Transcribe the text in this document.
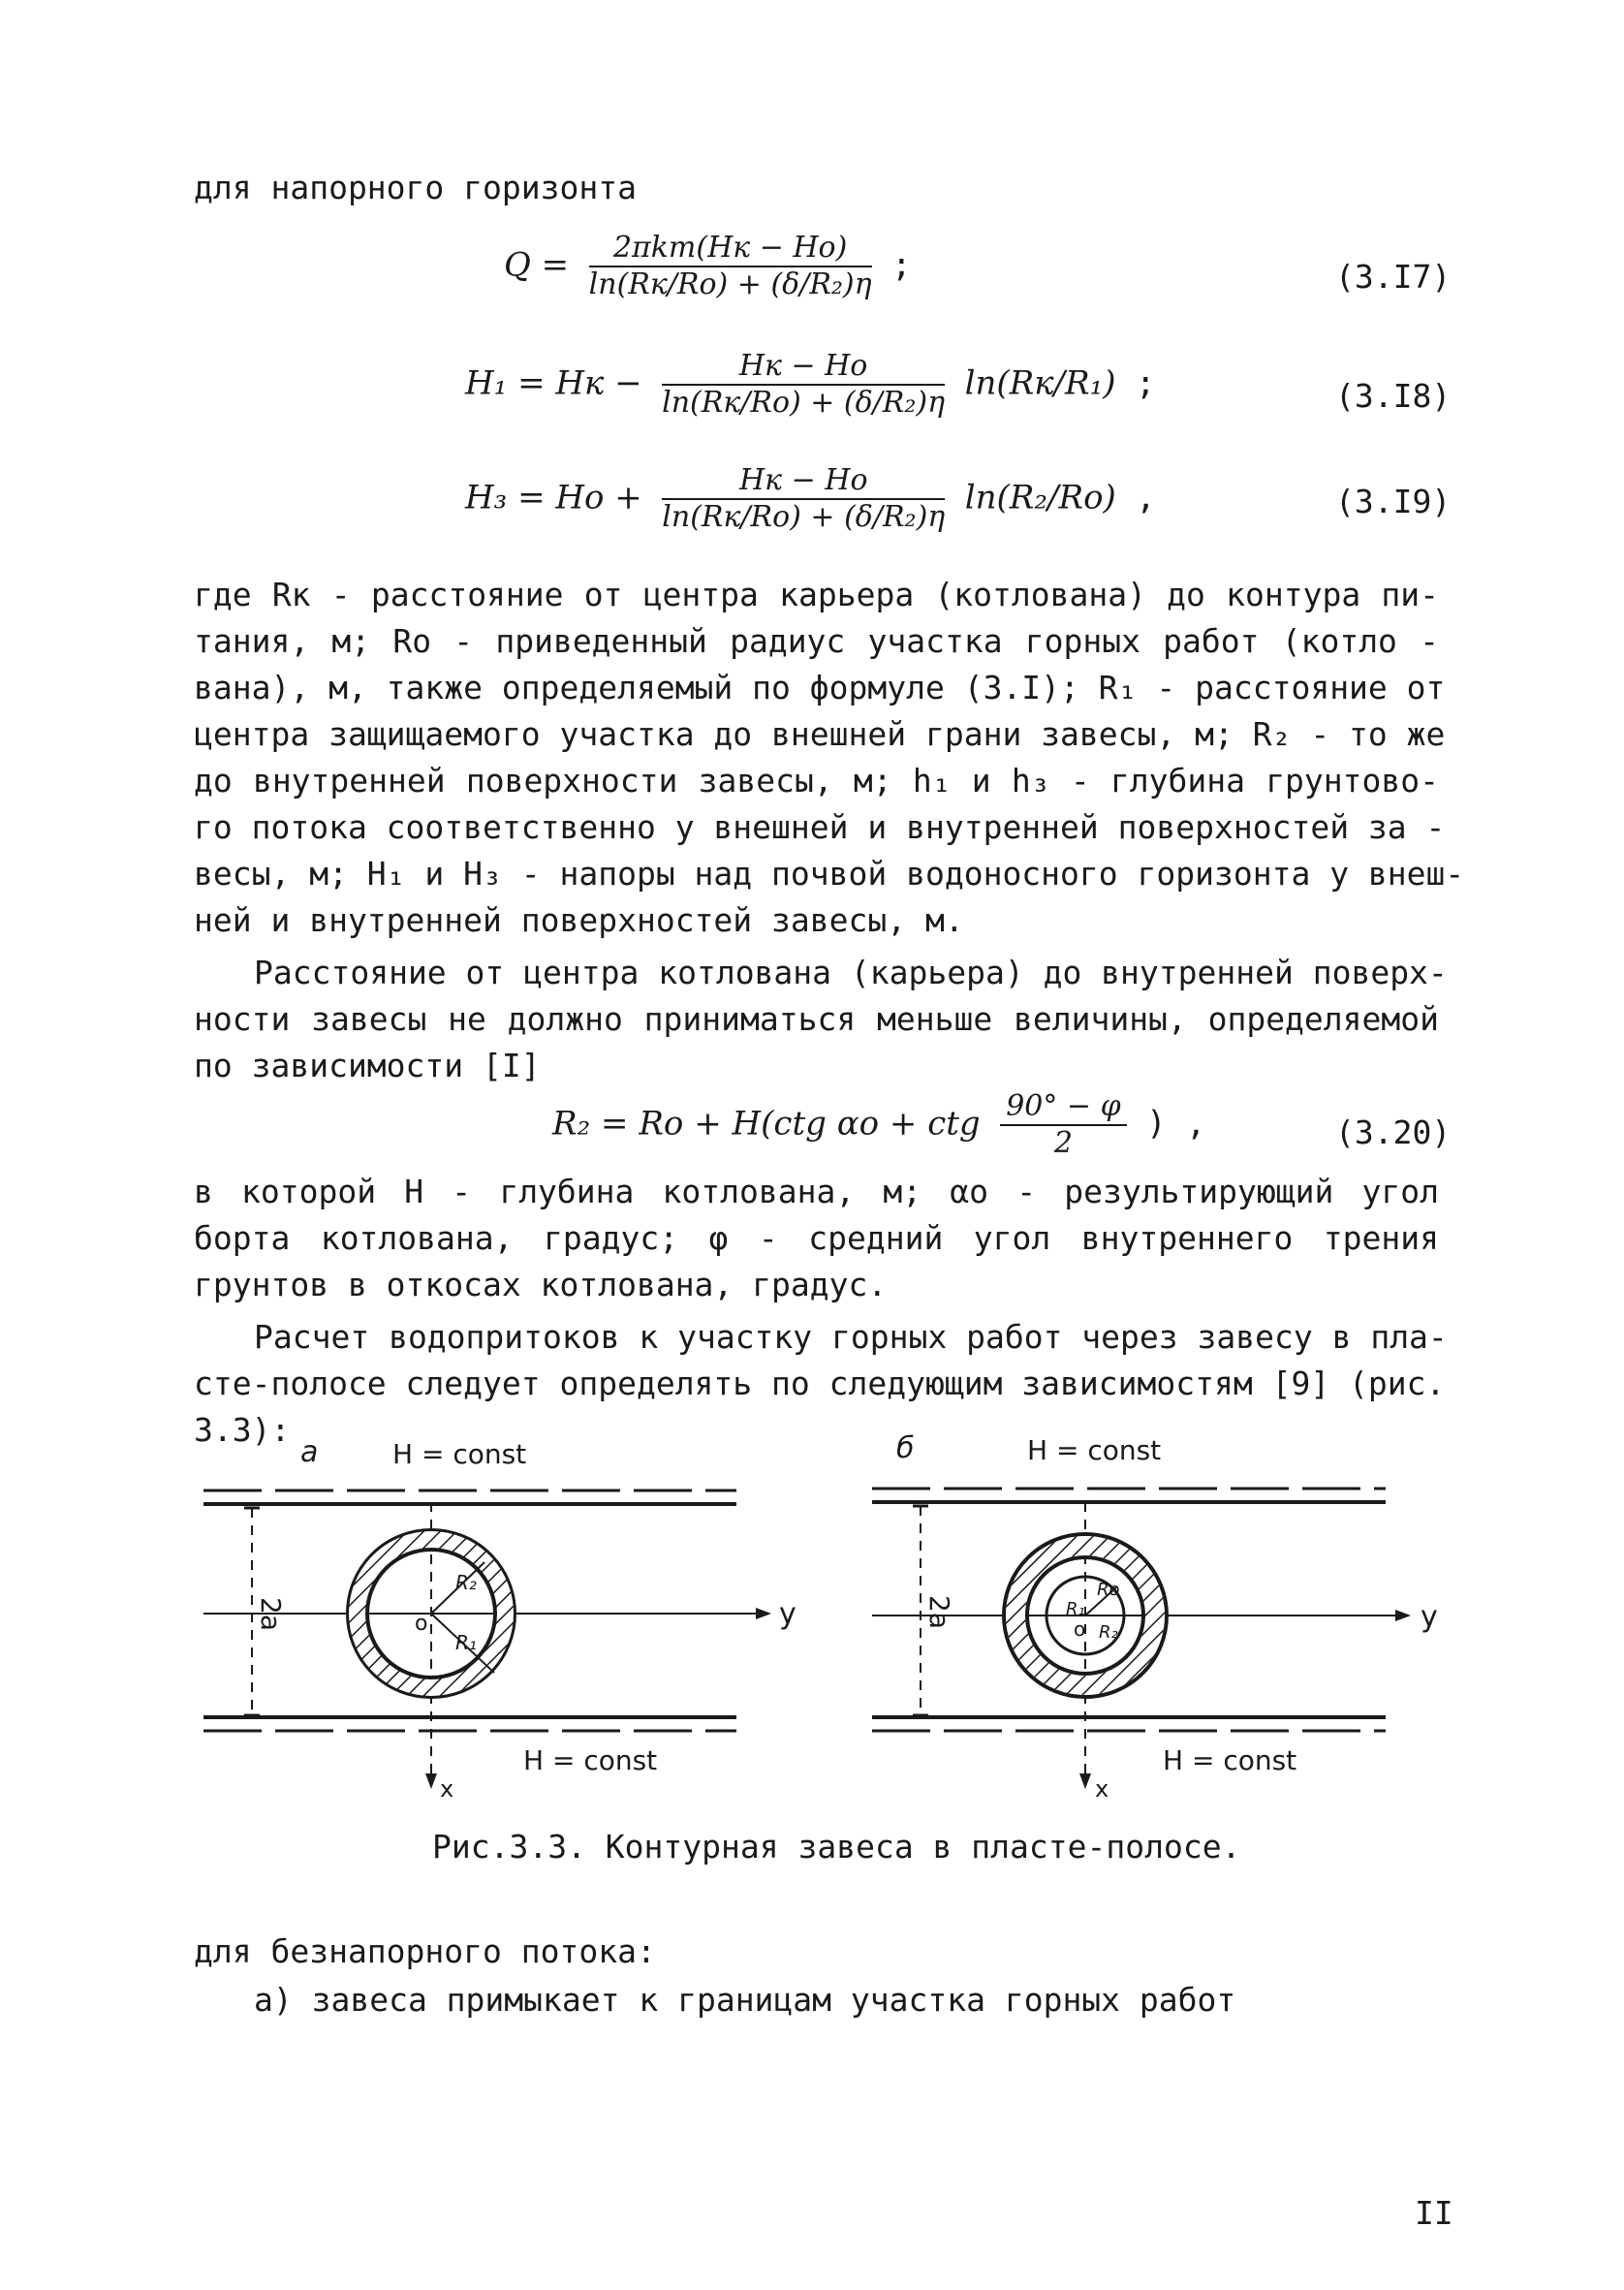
для напорного горизонта
$Q = \frac{\text{2πkm(Hк − Hо)}}{\text{ln(Rк/Rо) + (δ/R₂)η}}$ ;	(3.I7)
H₁ = Hк − $\frac{Hк - Hо}{\text{ln(Rк/Rо) + (δ/R₂)η}} \ln(Rк/R_1)$ ;	(3.I8)
H₃ = Hо + $\frac{Hк - Hо}{\text{ln(Rк/Rо) + (δ/R₂)η}} \ln(R_2/Rо)$ ,	(3.I9)
где Rк - расстояние от центра карьера (котлована) до контура пи-
тания, м; Rо - приведенный радиус участка горных работ (котло -
вана), м, также определяемый по формуле (3.I); R₁ - расстояние от
центра защищаемого участка до внешней грани завесы, м; R₂ - то же
до внутренней поверхности завесы, м; h₁ и h₃ - глубина грунтово-
го потока соответственно у внешней и внутренней поверхностей за -
весы, м; H₁ и H₃ - напоры над почвой водоносного горизонта у внеш-
ней и внутренней поверхностей завесы, м.
Расстояние от центра котлована (карьера) до внутренней поверх-
ности завесы не должно приниматься меньше величины, определяемой
по зависимости [I]
R₂ = Rо + H(ctg αо + ctg $\frac{90^\circ - \varphi}{2}$ ) ,	(3.20)
в которой H - глубина котлована, м; αо - результирующий угол
борта котлована, градус; φ - средний угол внутреннего трения
грунтов в откосах котлована, градус.
Расчет водопритоков к участку горных работ через завесу в пла-
сте-полосе следует определять по следующим зависимостям [9] (рис.
3.3):
а	H = const
2a	y
x
H = const
o
R₂
R₁
б	H = const
2a	y
x
H = const
R₁
Rо
o R₂
Рис.3.3. Контурная завеса в пласте-полосе.
для безнапорного потока:
а) завеса примыкает к границам участка горных работ
II
